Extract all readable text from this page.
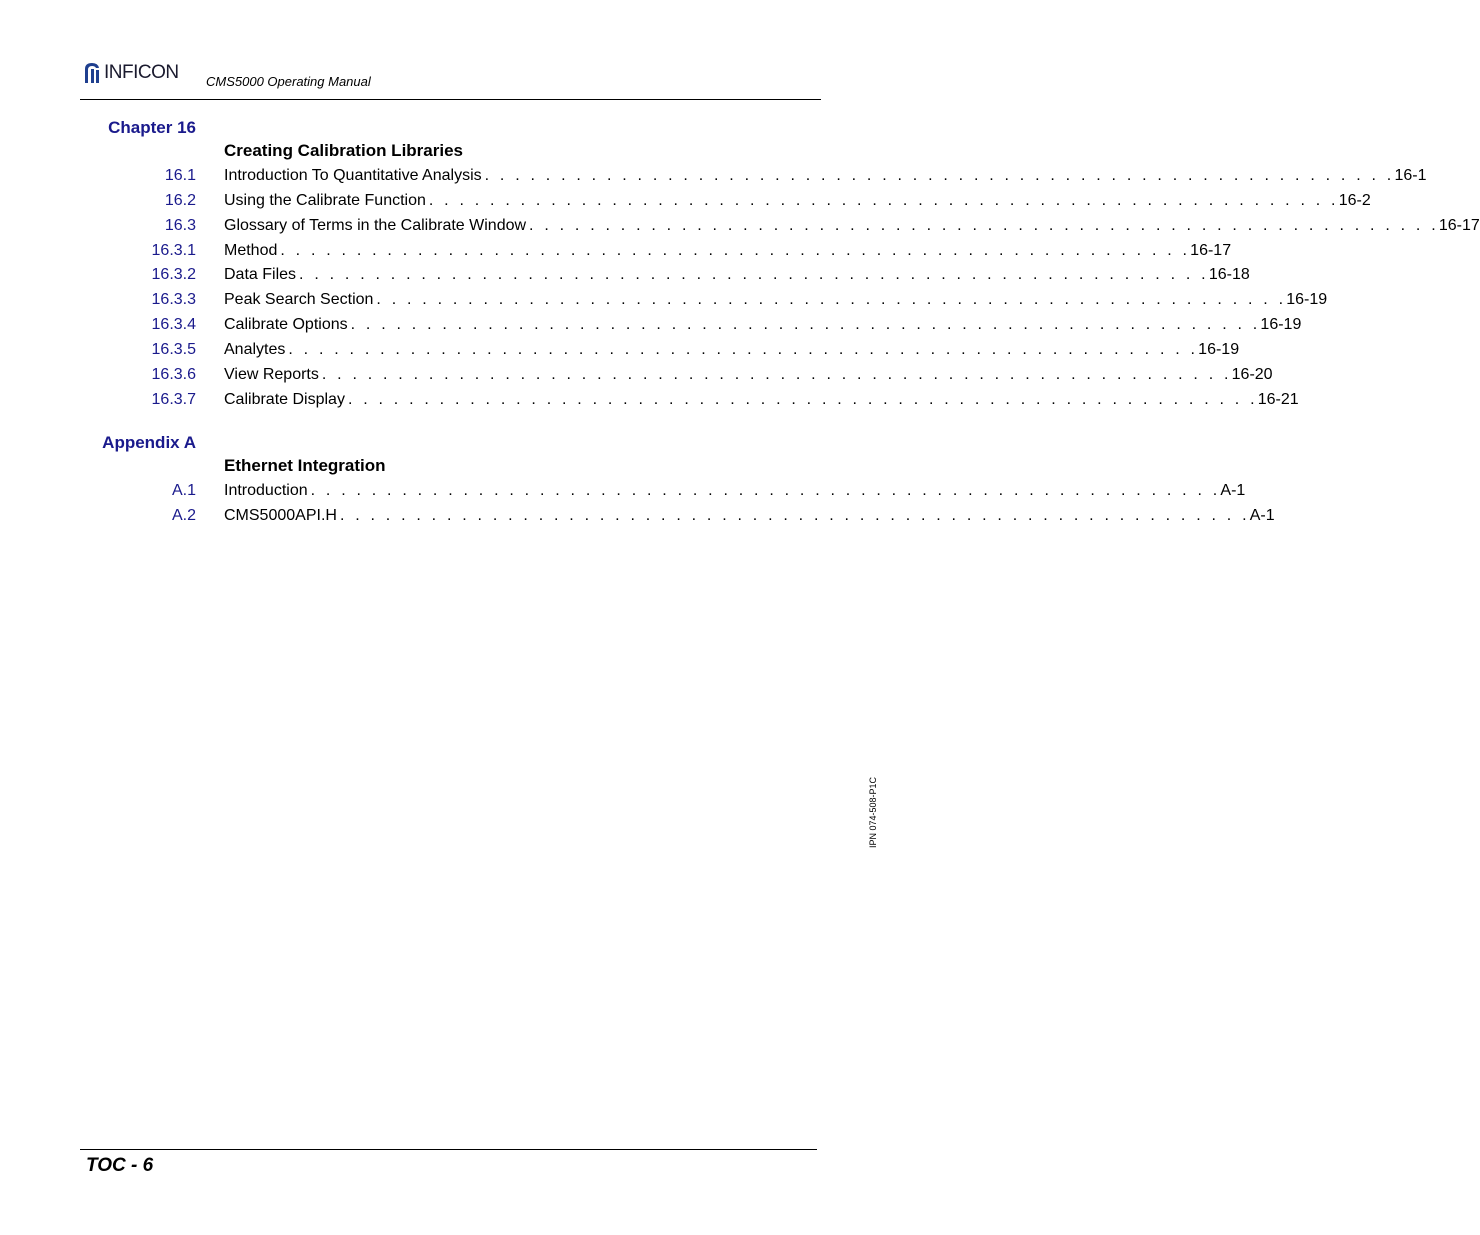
INFICON CMS5000 Operating Manual
Chapter 16
Creating Calibration Libraries
16.1 Introduction To Quantitative Analysis . . . . . . . . . . . . . . . . . . . . . . . . . . . . . . . . . . . . . . . . . . . . . . . . . . . . . . . . . . . . 16-1
16.2 Using the Calibrate Function . . . . . . . . . . . . . . . . . . . . . . . . . . . . . . . . . . . . . . . . . . . . . . . . . . . . . . . . . . . . 16-2
16.3 Glossary of Terms in the Calibrate Window . . . . . . . . . . . . . . . . . . . . . . . . . . . . . . . . . . . . . . . . . . . . . . . . . . . . . . . . . . . . 16-17
16.3.1 Method . . . . . . . . . . . . . . . . . . . . . . . . . . . . . . . . . . . . . . . . . . . . . . . . . . . . . . . . . . . . 16-17
16.3.2 Data Files . . . . . . . . . . . . . . . . . . . . . . . . . . . . . . . . . . . . . . . . . . . . . . . . . . . . . . . . . . . . 16-18
16.3.3 Peak Search Section . . . . . . . . . . . . . . . . . . . . . . . . . . . . . . . . . . . . . . . . . . . . . . . . . . . . . . . . . . . . 16-19
16.3.4 Calibrate Options . . . . . . . . . . . . . . . . . . . . . . . . . . . . . . . . . . . . . . . . . . . . . . . . . . . . . . . . . . . . 16-19
16.3.5 Analytes . . . . . . . . . . . . . . . . . . . . . . . . . . . . . . . . . . . . . . . . . . . . . . . . . . . . . . . . . . . . 16-19
16.3.6 View Reports . . . . . . . . . . . . . . . . . . . . . . . . . . . . . . . . . . . . . . . . . . . . . . . . . . . . . . . . . . . . 16-20
16.3.7 Calibrate Display . . . . . . . . . . . . . . . . . . . . . . . . . . . . . . . . . . . . . . . . . . . . . . . . . . . . . . . . . . . . 16-21
Appendix A
Ethernet Integration
A.1 Introduction . . . . . . . . . . . . . . . . . . . . . . . . . . . . . . . . . . . . . . . . . . . . . . . . . . . . . . . . . . . . A-1
A.2 CMS5000API.H . . . . . . . . . . . . . . . . . . . . . . . . . . . . . . . . . . . . . . . . . . . . . . . . . . . . . . . . . . . . A-1
IPN 074-508-P1C
TOC - 6
